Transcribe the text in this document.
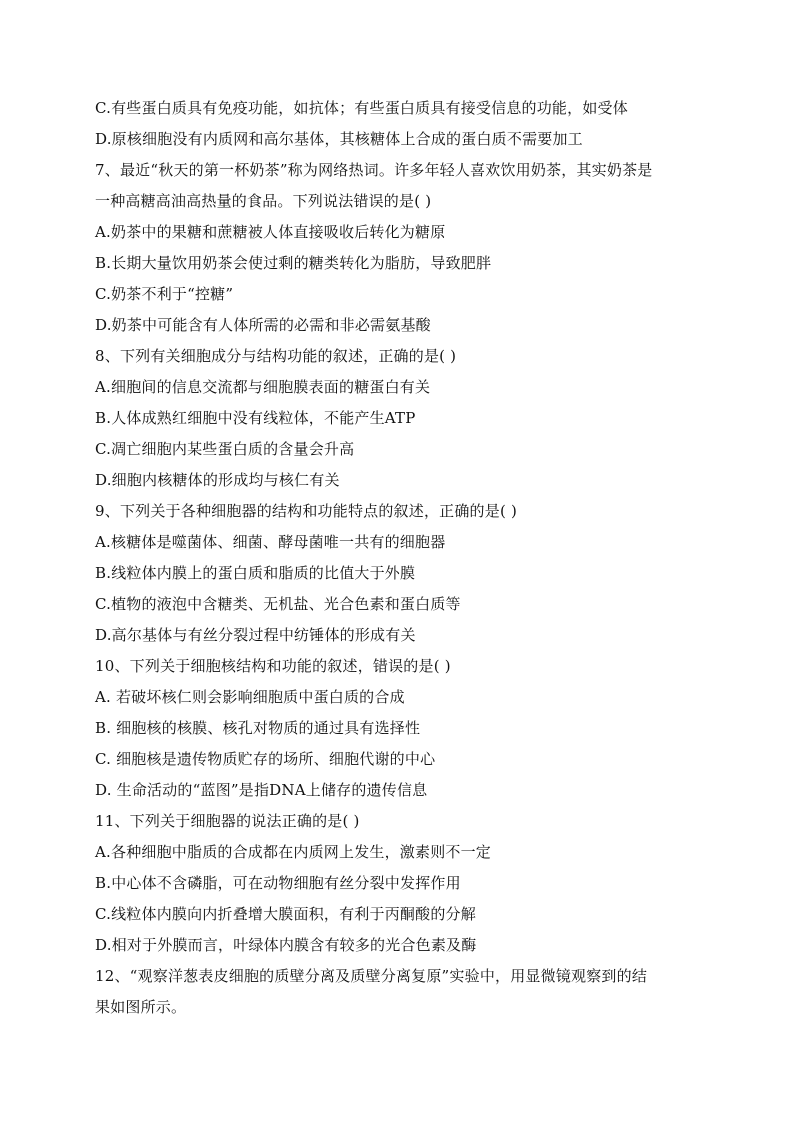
C.有些蛋白质具有免疫功能，如抗体；有些蛋白质具有接受信息的功能，如受体
D.原核细胞没有内质网和高尔基体，其核糖体上合成的蛋白质不需要加工
7、最近“秋天的第一杯奶茶”称为网络热词。许多年轻人喜欢饮用奶茶，其实奶茶是
一种高糖高油高热量的食品。下列说法错误的是( )
A.奶茶中的果糖和蔗糖被人体直接吸收后转化为糖原
B.长期大量饮用奶茶会使过剩的糖类转化为脂肪，导致肥胖
C.奶茶不利于“控糖”
D.奶茶中可能含有人体所需的必需和非必需氨基酸
8、下列有关细胞成分与结构功能的叙述，正确的是( )
A.细胞间的信息交流都与细胞膜表面的糖蛋白有关
B.人体成熟红细胞中没有线粒体，不能产生ATP
C.凋亡细胞内某些蛋白质的含量会升高
D.细胞内核糖体的形成均与核仁有关
9、下列关于各种细胞器的结构和功能特点的叙述，正确的是( )
A.核糖体是噬菌体、细菌、酵母菌唯一共有的细胞器
B.线粒体内膜上的蛋白质和脂质的比值大于外膜
C.植物的液泡中含糖类、无机盐、光合色素和蛋白质等
D.高尔基体与有丝分裂过程中纺锤体的形成有关
10、下列关于细胞核结构和功能的叙述，错误的是( )
A. 若破坏核仁则会影响细胞质中蛋白质的合成
B. 细胞核的核膜、核孔对物质的通过具有选择性
C. 细胞核是遗传物质贮存的场所、细胞代谢的中心
D. 生命活动的“蓝图”是指DNA上储存的遗传信息
11、下列关于细胞器的说法正确的是( )
A.各种细胞中脂质的合成都在内质网上发生，激素则不一定
B.中心体不含磷脂，可在动物细胞有丝分裂中发挥作用
C.线粒体内膜向内折叠增大膜面积，有利于丙酮酸的分解
D.相对于外膜而言，叶绿体内膜含有较多的光合色素及酶
12、“观察洋葱表皮细胞的质壁分离及质壁分离复原”实验中，用显微镜观察到的结
果如图所示。
